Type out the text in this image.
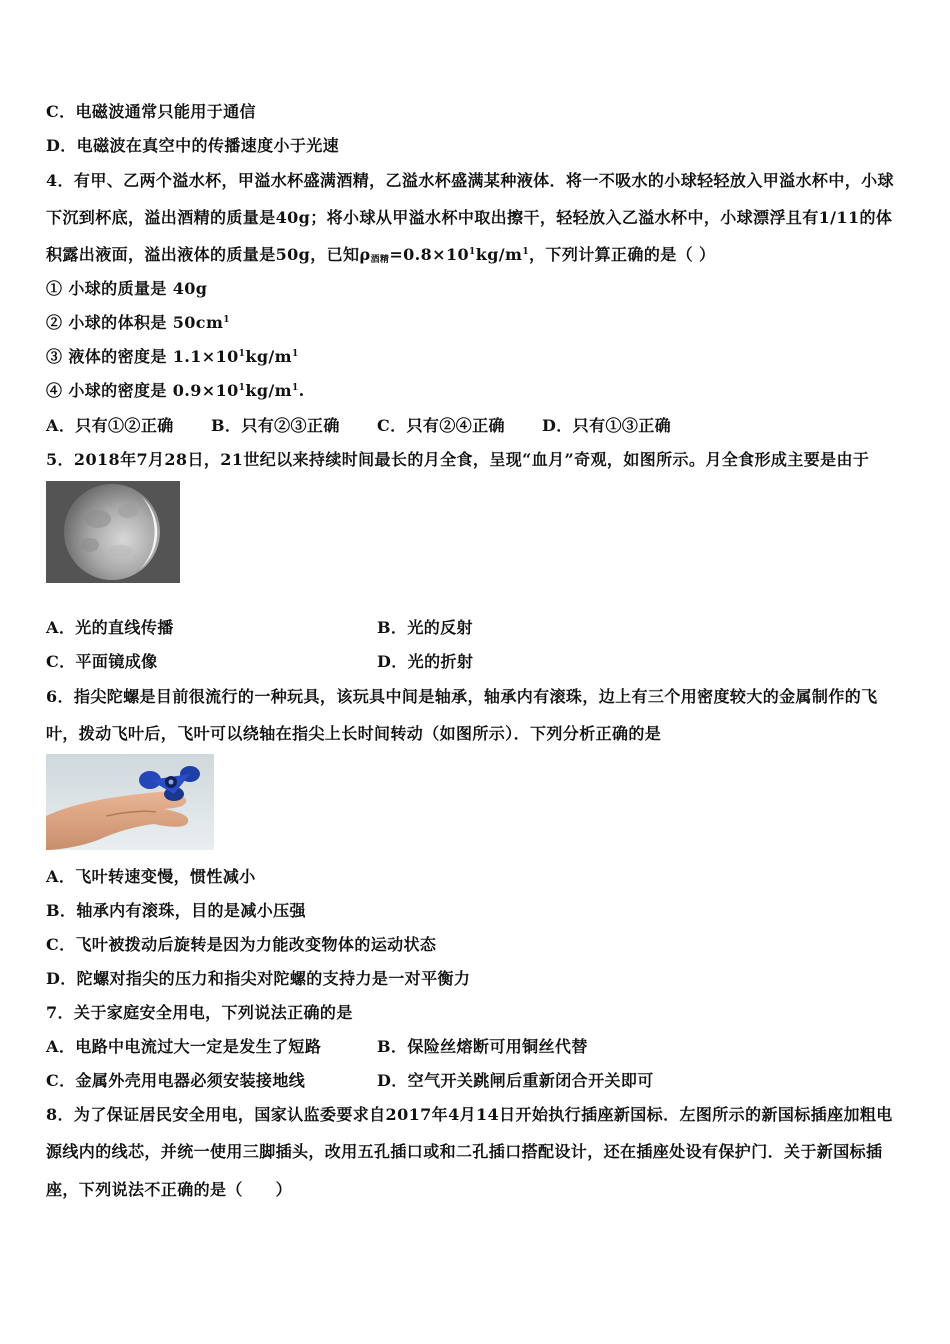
C．电磁波通常只能用于通信
D．电磁波在真空中的传播速度小于光速
4．有甲、乙两个溢水杯，甲溢水杯盛满酒精，乙溢水杯盛满某种液体．将一不吸水的小球轻轻放入甲溢水杯中，小球
下沉到杯底，溢出酒精的质量是40g；将小球从甲溢水杯中取出擦干，轻轻放入乙溢水杯中，小球漂浮且有1/11的体
积露出液面，溢出液体的质量是50g，已知$\rho_{酒精}=0.8\times 10^1kg/m^1$，下列计算正确的是（ ）
① 小球的质量是 40g
② 小球的体积是 $50cm^1$
③ 液体的密度是 $1.1\times 10^1kg/m^1$
④ 小球的密度是 $0.9\times 10^1kg/m^1$.
A．只有①②正确 B．只有②③正确 C．只有②④正确 D．只有①③正确
5．2018年7月28日，21世纪以来持续时间最长的月全食，呈现“血月”奇观，如图所示。月全食形成主要是由于
A．光的直线传播	B．光的反射
C．平面镜成像	D．光的折射
6．指尖陀螺是目前很流行的一种玩具，该玩具中间是轴承，轴承内有滚珠，边上有三个用密度较大的金属制作的飞
叶，拨动飞叶后，飞叶可以绕轴在指尖上长时间转动（如图所示）．下列分析正确的是
A．飞叶转速变慢，惯性减小
B．轴承内有滚珠，目的是减小压强
C．飞叶被拨动后旋转是因为力能改变物体的运动状态
D．陀螺对指尖的压力和指尖对陀螺的支持力是一对平衡力
7．关于家庭安全用电，下列说法正确的是
A．电路中电流过大一定是发生了短路	B．保险丝熔断可用铜丝代替
C．金属外壳用电器必须安装接地线	D．空气开关跳闸后重新闭合开关即可
8．为了保证居民安全用电，国家认监委要求自2017年4月14日开始执行插座新国标．左图所示的新国标插座加粗电
源线内的线芯，并统一使用三脚插头，改用五孔插口或和二孔插口搭配设计，还在插座处设有保护门．关于新国标插
座，下列说法不正确的是（　　）
